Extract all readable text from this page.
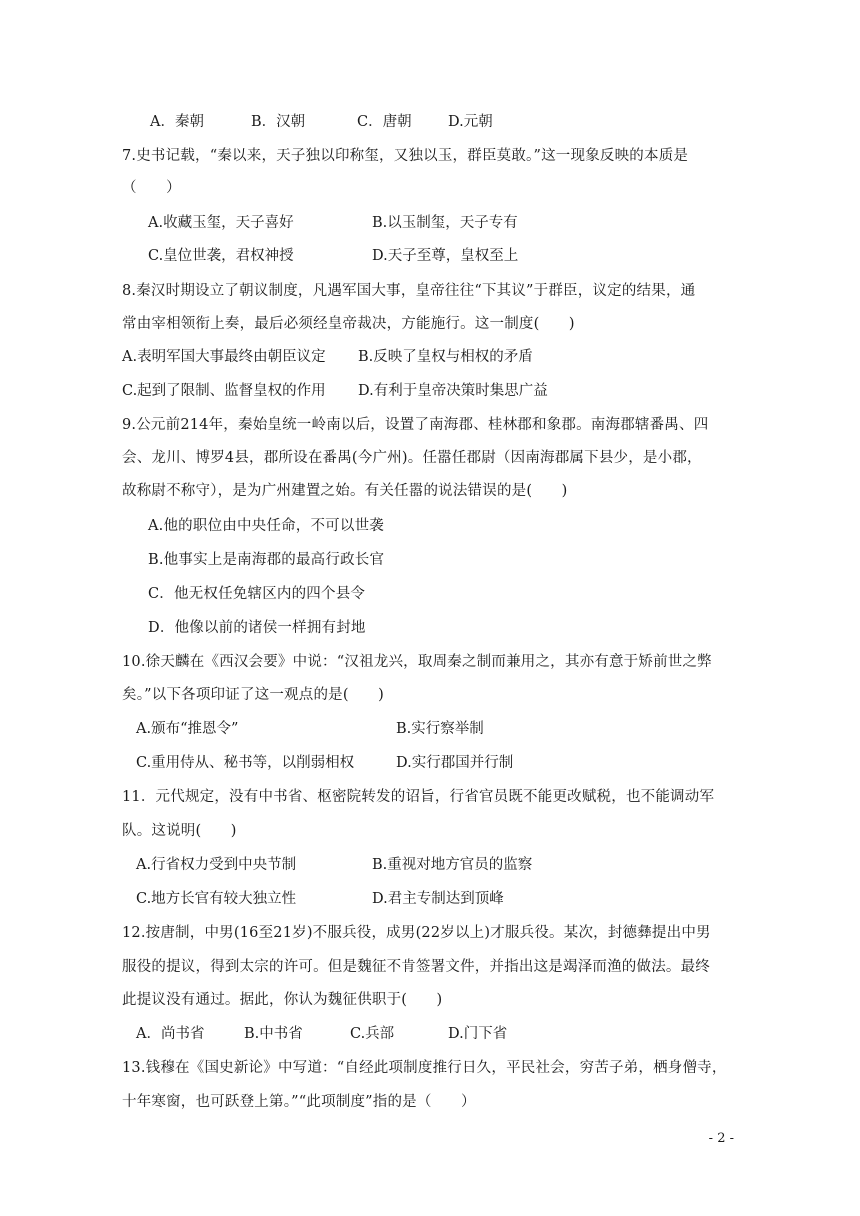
A．秦朝	B．汉朝	C．唐朝	D.元朝
7.史书记载，“秦以来，天子独以印称玺，又独以玉，群臣莫敢。”这一现象反映的本质是
（　　）
A.收藏玉玺，天子喜好	B.以玉制玺，天子专有
C.皇位世袭，君权神授	D.天子至尊，皇权至上
8.秦汉时期设立了朝议制度，凡遇军国大事，皇帝往往“下其议”于群臣，议定的结果，通
常由宰相领衔上奏，最后必须经皇帝裁决，方能施行。这一制度(　　)
A.表明军国大事最终由朝臣议定 B.反映了皇权与相权的矛盾
C.起到了限制、监督皇权的作用 D.有利于皇帝决策时集思广益
9.公元前214年，秦始皇统一岭南以后，设置了南海郡、桂林郡和象郡。南海郡辖番禺、四
会、龙川、博罗4县，郡所设在番禺(今广州)。任嚣任郡尉（因南海郡属下县少，是小郡，
故称尉不称守），是为广州建置之始。有关任嚣的说法错误的是(　　)
A.他的职位由中央任命，不可以世袭
B.他事实上是南海郡的最高行政长官
C．他无权任免辖区内的四个县令
D．他像以前的诸侯一样拥有封地
10.徐天麟在《西汉会要》中说：“汉祖龙兴，取周秦之制而兼用之，其亦有意于矫前世之弊
矣。”以下各项印证了这一观点的是(　　)
A.颁布“推恩令”	B.实行察举制
C.重用侍从、秘书等，以削弱相权	D.实行郡国并行制
11．元代规定，没有中书省、枢密院转发的诏旨，行省官员既不能更改赋税，也不能调动军
队。这说明(　　)
A.行省权力受到中央节制	B.重视对地方官员的监察
C.地方长官有较大独立性	D.君主专制达到顶峰
12.按唐制，中男(16至21岁)不服兵役，成男(22岁以上)才服兵役。某次，封德彝提出中男
服役的提议，得到太宗的许可。但是魏征不肯签署文件，并指出这是竭泽而渔的做法。最终
此提议没有通过。据此，你认为魏征供职于(　　)
A．尚书省	B.中书省	C.兵部	D.门下省
13.钱穆在《国史新论》中写道：“自经此项制度推行日久，平民社会，穷苦子弟，栖身僧寺，
十年寒窗，也可跃登上第。”“此项制度”指的是（　　）
- 2 -
